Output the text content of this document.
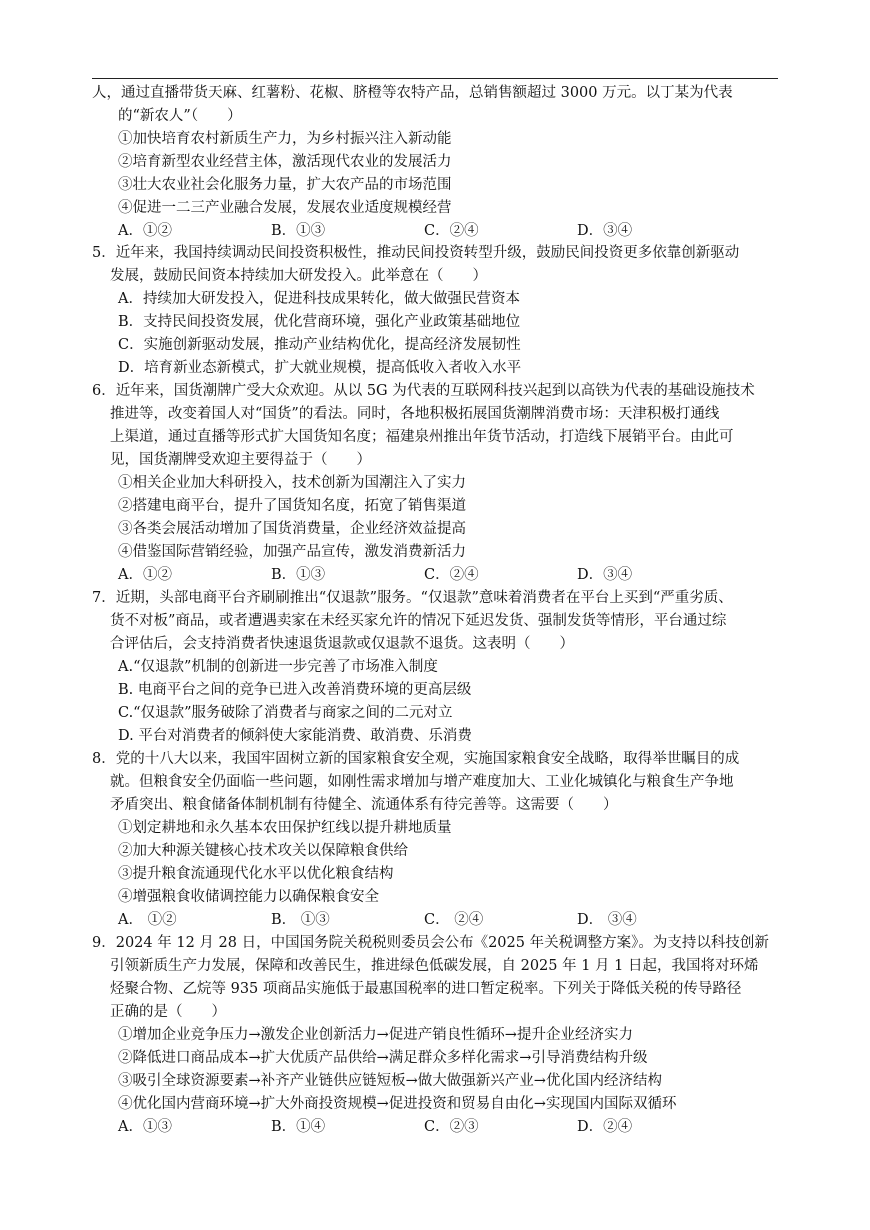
人，通过直播带货天麻、红薯粉、花椒、脐橙等农特产品，总销售额超过 3000 万元。以丁某为代表
的“新农人”（　　）
①加快培育农村新质生产力，为乡村振兴注入新动能
②培育新型农业经营主体，激活现代农业的发展活力
③壮大农业社会化服务力量，扩大农产品的市场范围
④促进一二三产业融合发展，发展农业适度规模经营
A．①②	B．①③	C．②④	D．③④
5．近年来，我国持续调动民间投资积极性，推动民间投资转型升级，鼓励民间投资更多依靠创新驱动
发展，鼓励民间资本持续加大研发投入。此举意在（　　）
A．持续加大研发投入，促进科技成果转化，做大做强民营资本
B．支持民间投资发展，优化营商环境，强化产业政策基础地位
C．实施创新驱动发展，推动产业结构优化，提高经济发展韧性
D．培育新业态新模式，扩大就业规模，提高低收入者收入水平
6．近年来，国货潮牌广受大众欢迎。从以 5G 为代表的互联网科技兴起到以高铁为代表的基础设施技术
推进等，改变着国人对“国货”的看法。同时，各地积极拓展国货潮牌消费市场：天津积极打通线
上渠道，通过直播等形式扩大国货知名度；福建泉州推出年货节活动，打造线下展销平台。由此可
见，国货潮牌受欢迎主要得益于（　　）
①相关企业加大科研投入，技术创新为国潮注入了实力
②搭建电商平台，提升了国货知名度，拓宽了销售渠道
③各类会展活动增加了国货消费量，企业经济效益提高
④借鉴国际营销经验，加强产品宣传，激发消费新活力
A．①②	B．①③	C．②④	D．③④
7．近期，头部电商平台齐刷刷推出“仅退款”服务。“仅退款”意味着消费者在平台上买到“严重劣质、
货不对板”商品，或者遭遇卖家在未经买家允许的情况下延迟发货、强制发货等情形，平台通过综
合评估后，会支持消费者快速退货退款或仅退款不退货。这表明（　　）
A.“仅退款”机制的创新进一步完善了市场准入制度
B. 电商平台之间的竞争已进入改善消费环境的更高层级
C.“仅退款”服务破除了消费者与商家之间的二元对立
D. 平台对消费者的倾斜使大家能消费、敢消费、乐消费
8．党的十八大以来，我国牢固树立新的国家粮食安全观，实施国家粮食安全战略，取得举世瞩目的成
就。但粮食安全仍面临一些问题，如刚性需求增加与增产难度加大、工业化城镇化与粮食生产争地
矛盾突出、粮食储备体制机制有待健全、流通体系有待完善等。这需要（　　）
①划定耕地和永久基本农田保护红线以提升耕地质量
②加大种源关键核心技术攻关以保障粮食供给
③提升粮食流通现代化水平以优化粮食结构
④增强粮食收储调控能力以确保粮食安全
A． ①②	B． ①③	C． ②④	D． ③④
9．2024 年 12 月 28 日，中国国务院关税税则委员会公布《2025 年关税调整方案》。为支持以科技创新
引领新质生产力发展，保障和改善民生，推进绿色低碳发展，自 2025 年 1 月 1 日起，我国将对环烯
烃聚合物、乙烷等 935 项商品实施低于最惠国税率的进口暂定税率。下列关于降低关税的传导路径
正确的是（　　）
①增加企业竞争压力→激发企业创新活力→促进产销良性循环→提升企业经济实力
②降低进口商品成本→扩大优质产品供给→满足群众多样化需求→引导消费结构升级
③吸引全球资源要素→补齐产业链供应链短板→做大做强新兴产业→优化国内经济结构
④优化国内营商环境→扩大外商投资规模→促进投资和贸易自由化→实现国内国际双循环
A．①③	B．①④	C．②③	D．②④
